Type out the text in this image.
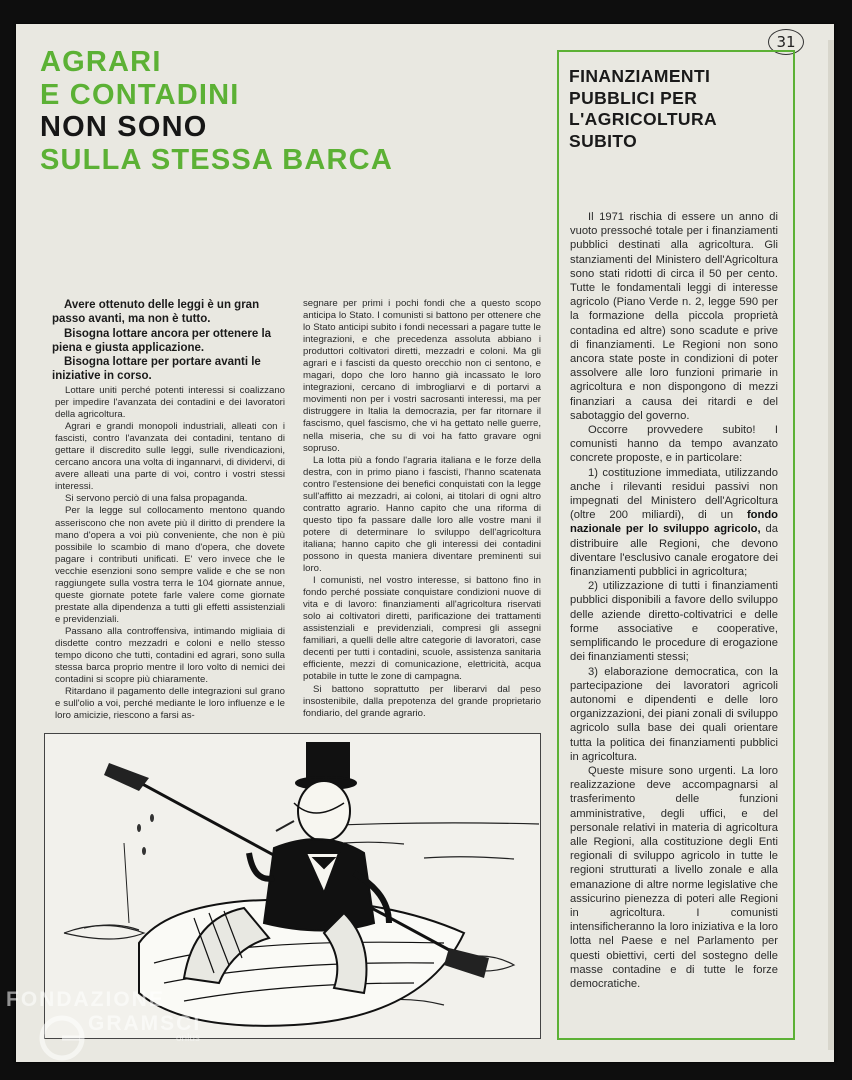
31
AGRARI
E CONTADINI
NON SONO
SULLA STESSA BARCA

Avere ottenuto delle leggi è un gran passo avanti, ma non è tutto.

Bisogna lottare ancora per ottenere la piena e giusta applicazione.

Bisogna lottare per portare avanti le iniziative in corso.

Lottare uniti perché potenti interessi si coalizzano per impedire l'avanzata dei contadini e dei lavoratori della agricoltura.

Agrari e grandi monopoli industriali, alleati con i fascisti, contro l'avanzata dei contadini, tentano di gettare il discredito sulle leggi, sulle rivendicazioni, cercano ancora una volta di ingannarvi, di dividervi, di avere alleati una parte di voi, contro i vostri stessi interessi.

Si servono perciò di una falsa propaganda.

Per la legge sul collocamento mentono quando asseriscono che non avete più il diritto di prendere la mano d'opera a voi più conveniente, che non è più possibile lo scambio di mano d'opera, che dovete pagare i contributi unificati. E' vero invece che le vecchie esenzioni sono sempre valide e che se non raggiungete sulla vostra terra le 104 giornate annue, queste giornate potete farle valere come giornate prestate alla dipendenza a tutti gli effetti assistenziali e previdenziali.

Passano alla controffensiva, intimando migliaia di disdette contro mezzadri e coloni e nello stesso tempo dicono che tutti, contadini ed agrari, sono sulla stessa barca proprio mentre il loro volto di nemici dei contadini si scopre più chiaramente.

Ritardano il pagamento delle integrazioni sul grano e sull'olio a voi, perché mediante le loro influenze e le loro amicizie, riescono a farsi as-

segnare per primi i pochi fondi che a questo scopo anticipa lo Stato. I comunisti si battono per ottenere che lo Stato anticipi subito i fondi necessari a pagare tutte le integrazioni, e che precedenza assoluta abbiano i produttori coltivatori diretti, mezzadri e coloni. Ma gli agrari e i fascisti da questo orecchio non ci sentono, e magari, dopo che loro hanno già incassato le loro integrazioni, cercano di imbrogliarvi e di portarvi a movimenti non per i vostri sacrosanti interessi, ma per distruggere in Italia la democrazia, per far ritornare il fascismo, quel fascismo, che vi ha gettato nelle guerre, nella miseria, che su di voi ha fatto gravare ogni sopruso.

La lotta più a fondo l'agraria italiana e le forze della destra, con in primo piano i fascisti, l'hanno scatenata contro l'estensione dei benefici conquistati con la legge sull'affitto ai mezzadri, ai coloni, ai titolari di ogni altro contratto agrario. Hanno capito che una riforma di questo tipo fa passare dalle loro alle vostre mani il potere di determinare lo sviluppo dell'agricoltura italiana; hanno capito che gli interessi dei contadini possono in questa maniera diventare preminenti sui loro.

I comunisti, nel vostro interesse, si battono fino in fondo perché possiate conquistare condizioni nuove di vita e di lavoro: finanziamenti all'agricoltura riservati solo ai coltivatori diretti, parificazione dei trattamenti assistenziali e previdenziali, compresi gli assegni familiari, a quelli delle altre categorie di lavoratori, case decenti per tutti i contadini, scuole, assistenza sanitaria efficiente, mezzi di comunicazione, elettricità, acqua potabile in tutte le zone di campagna.

Si battono soprattutto per liberarvi dal peso insostenibile, dalla prepotenza del grande proprietario fondiario, del grande agrario.

FINANZIAMENTI
PUBBLICI PER
L'AGRICOLTURA
SUBITO

Il 1971 rischia di essere un anno di vuoto pressoché totale per i finanziamenti pubblici destinati alla agricoltura. Gli stanziamenti del Ministero dell'Agricoltura sono stati ridotti di circa il 50 per cento. Tutte le fondamentali leggi di interesse agricolo (Piano Verde n. 2, legge 590 per la formazione della piccola proprietà contadina ed altre) sono scadute e prive di finanziamenti. Le Regioni non sono ancora state poste in condizioni di poter assolvere alle loro funzioni primarie in agricoltura e non dispongono di mezzi finanziari a causa dei ritardi e del sabotaggio del governo.

Occorre provvedere subito! I comunisti hanno da tempo avanzato concrete proposte, e in particolare:

1) costituzione immediata, utilizzando anche i rilevanti residui passivi non impegnati del Ministero dell'Agricoltura (oltre 200 miliardi), di un fondo nazionale per lo sviluppo agricolo, da distribuire alle Regioni, che devono diventare l'esclusivo canale erogatore dei finanziamenti pubblici in agricoltura;

2) utilizzazione di tutti i finanziamenti pubblici disponibili a favore dello sviluppo delle aziende diretto-coltivatrici e delle forme associative e cooperative, semplificando le procedure di erogazione dei finanziamenti stessi;

3) elaborazione democratica, con la partecipazione dei lavoratori agricoli autonomi e dipendenti e delle loro organizzazioni, dei piani zonali di sviluppo agricolo sulla base dei quali orientare tutta la politica dei finanziamenti pubblici in agricoltura.

Queste misure sono urgenti. La loro realizzazione deve accompagnarsi al trasferimento delle funzioni amministrative, degli uffici, e del personale relativi in materia di agricoltura alle Regioni, alla costituzione degli Enti regionali di sviluppo agricolo in tutte le regioni strutturati a livello zonale e alla emanazione di altre norme legislative che assicurino pienezza di poteri alle Regioni in agricoltura. I comunisti intensificheranno la loro iniziativa e la loro lotta nel Paese e nel Parlamento per questi obiettivi, certi del sostegno delle masse contadine e di tutte le forze democratiche.

FONDAZIONE
GRAMSCI
onlus
